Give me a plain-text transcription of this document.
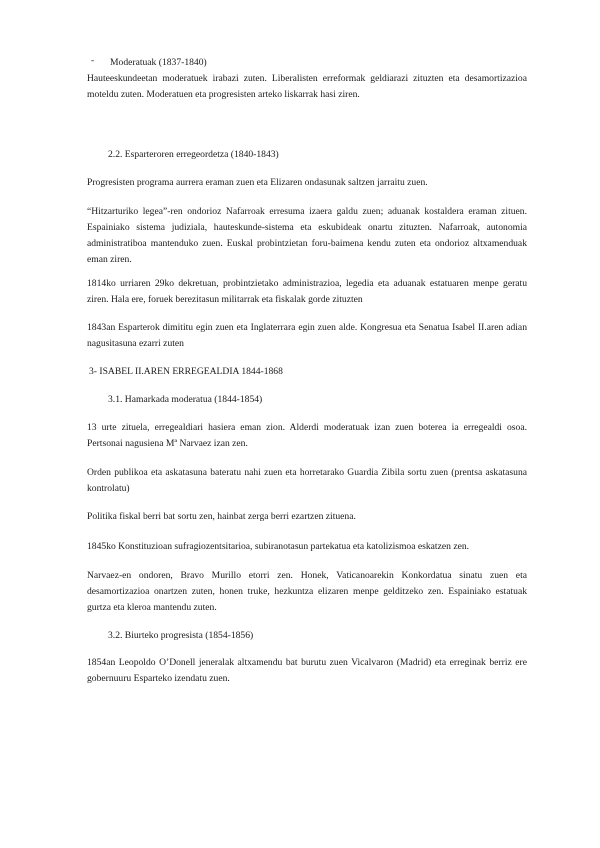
- Moderatuak (1837-1840)

Hauteeskundeetan moderatuek irabazi zuten. Liberalisten erreformak geldiarazi zituzten eta desamortizazioa moteldu zuten. Moderatuen eta progresisten arteko liskarrak hasi ziren.

2.2. Esparteroren erregeordetza (1840-1843)

Progresisten programa aurrera eraman zuen eta Elizaren ondasunak saltzen jarraitu zuen.

“Hitzarturiko legea”-ren ondorioz Nafarroak erresuma izaera galdu zuen; aduanak kostaldera eraman zituen. Espainiako sistema judiziala, hauteskunde-sistema eta eskubideak onartu zituzten. Nafarroak, autonomia administratiboa mantenduko zuen. Euskal probintzietan foru-baimena kendu zuten eta ondorioz altxamenduak eman ziren.

1814ko urriaren 29ko dekretuan, probintzietako administrazioa, legedia eta aduanak estatuaren menpe geratu ziren. Hala ere, foruek berezitasun militarrak eta fiskalak gorde zituzten

1843an Esparterok dimititu egin zuen eta Inglaterrara egin zuen alde. Kongresua eta Senatua Isabel II.aren adian nagusitasuna ezarri zuten

3- ISABEL II.AREN ERREGEALDIA 1844-1868

3.1. Hamarkada moderatua (1844-1854)

13 urte zituela, erregealdiari hasiera eman zion. Alderdi moderatuak izan zuen boterea ia erregealdi osoa. Pertsonai nagusiena Mª Narvaez izan zen.

Orden publikoa eta askatasuna bateratu nahi zuen eta horretarako Guardia Zibila sortu zuen (prentsa askatasuna kontrolatu)

Politika fiskal berri bat sortu zen, hainbat zerga berri ezartzen zituena.

1845ko Konstituzioan sufragiozentsitarioa, subiranotasun partekatua eta katolizismoa eskatzen zen.

Narvaez-en ondoren, Bravo Murillo etorri zen. Honek, Vaticanoarekin Konkordatua sinatu zuen eta desamortizazioa onartzen zuten, honen truke, hezkuntza elizaren menpe gelditzeko zen. Espainiako estatuak gurtza eta kleroa mantendu zuten.

3.2. Biurteko progresista (1854-1856)

1854an Leopoldo O’Donell jeneralak altxamendu bat burutu zuen Vicalvaron (Madrid) eta erreginak berriz ere gobernuuru Esparteko izendatu zuen.
